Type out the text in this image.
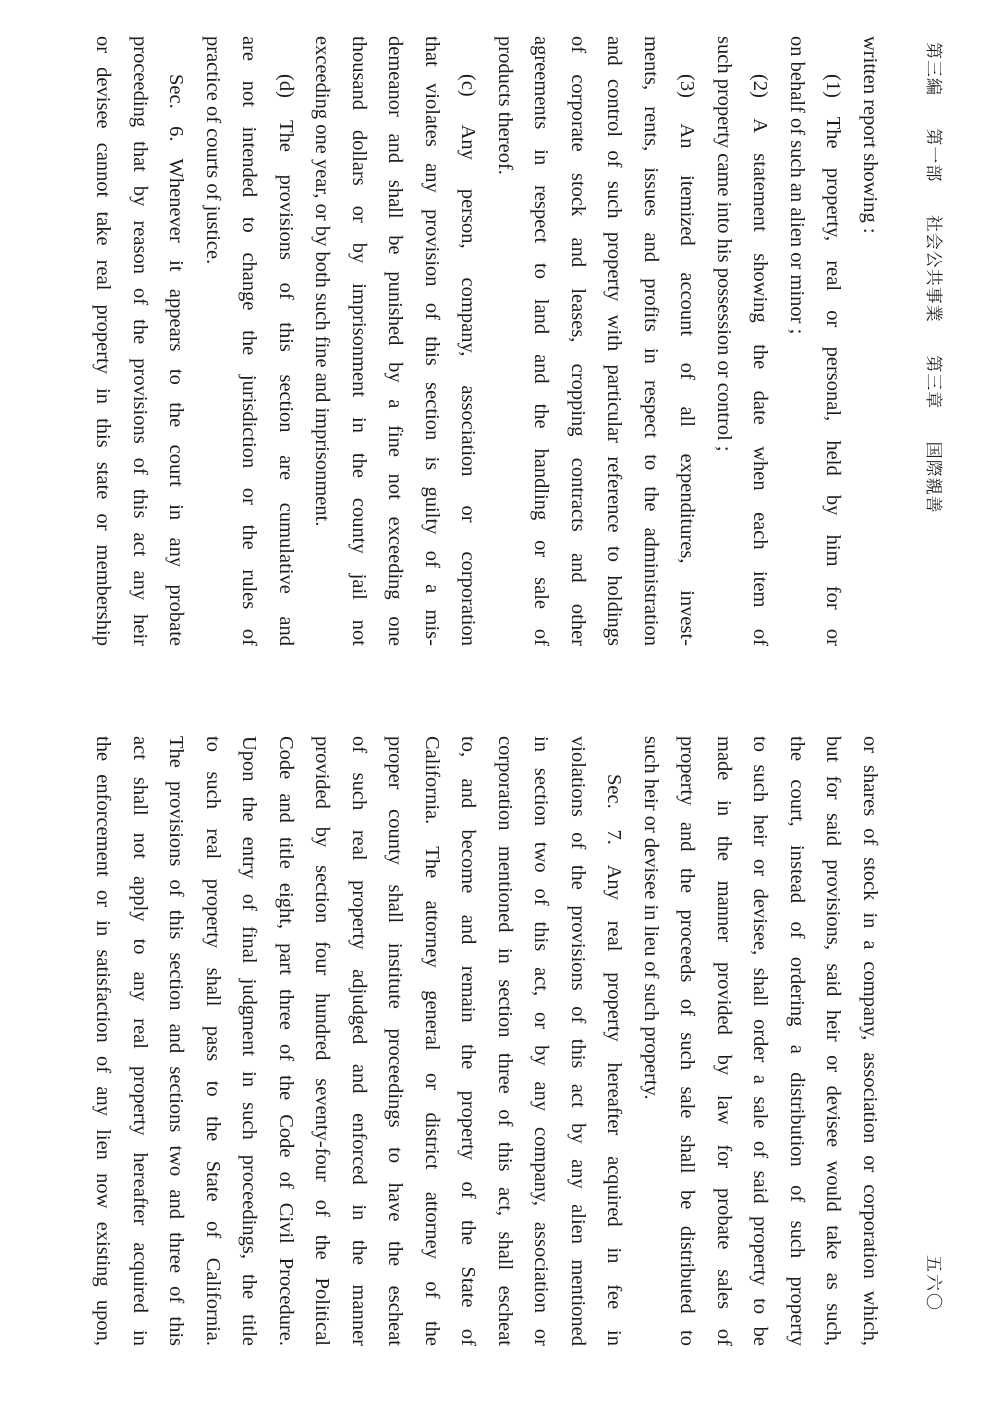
第三編 第一部 社会公共事業 第三章 国際親善
五六〇
written report showing :
(1) The property, real or personal, held by him for or
on behalf of such an alien or minor ;
(2) A statement showing the date when each item of
such property came into his possession or control ;
(3) An itemized account of all expenditures, invest-
ments, rents, issues and profits in respect to the administration
and control of such property with particular reference to holdings
of corporate stock and leases, cropping contracts and other
agreements in respect to land and the handling or sale of
products thereof.
(c) Any person, company, association or corporation
that violates any provision of this section is guilty of a mis-
demeanor and shall be punished by a fine not exceeding one
thousand dollars or by imprisonment in the county jail not
exceeding one year, or by both such fine and imprisonment.
(d) The provisions of this section are cumulative and
are not intended to change the jurisdiction or the rules of
practice of courts of justice.
Sec. 6. Whenever it appears to the court in any probate
proceeding that by reason of the provisions of this act any heir
or devisee cannot take real property in this state or membership
or shares of stock in a company, association or corporation which,
but for said provisions, said heir or devisee would take as such,
the court, instead of ordering a distribution of such property
to such heir or devisee, shall order a sale of said property to be
made in the manner provided by law for probate sales of
property and the proceeds of such sale shall be distributed to
such heir or devisee in lieu of such property.
Sec. 7. Any real property hereafter acquired in fee in
violations of the provisions of this act by any alien mentioned
in section two of this act, or by any company, association or
corporation mentioned in section three of this act, shall escheat
to, and become and remain the property of the State of
California. The attorney general or district attorney of the
proper county shall institute proceedings to have the escheat
of such real property adjudged and enforced in the manner
provided by section four hundred seventy-four of the Political
Code and title eight, part three of the Code of Civil Procedure.
Upon the entry of final judgment in such proceedings, the title
to such real property shall pass to the State of California.
The provisions of this section and sections two and three of this
act shall not apply to any real property hereafter acquired in
the enforcement or in satisfaction of any lien now existing upon,
